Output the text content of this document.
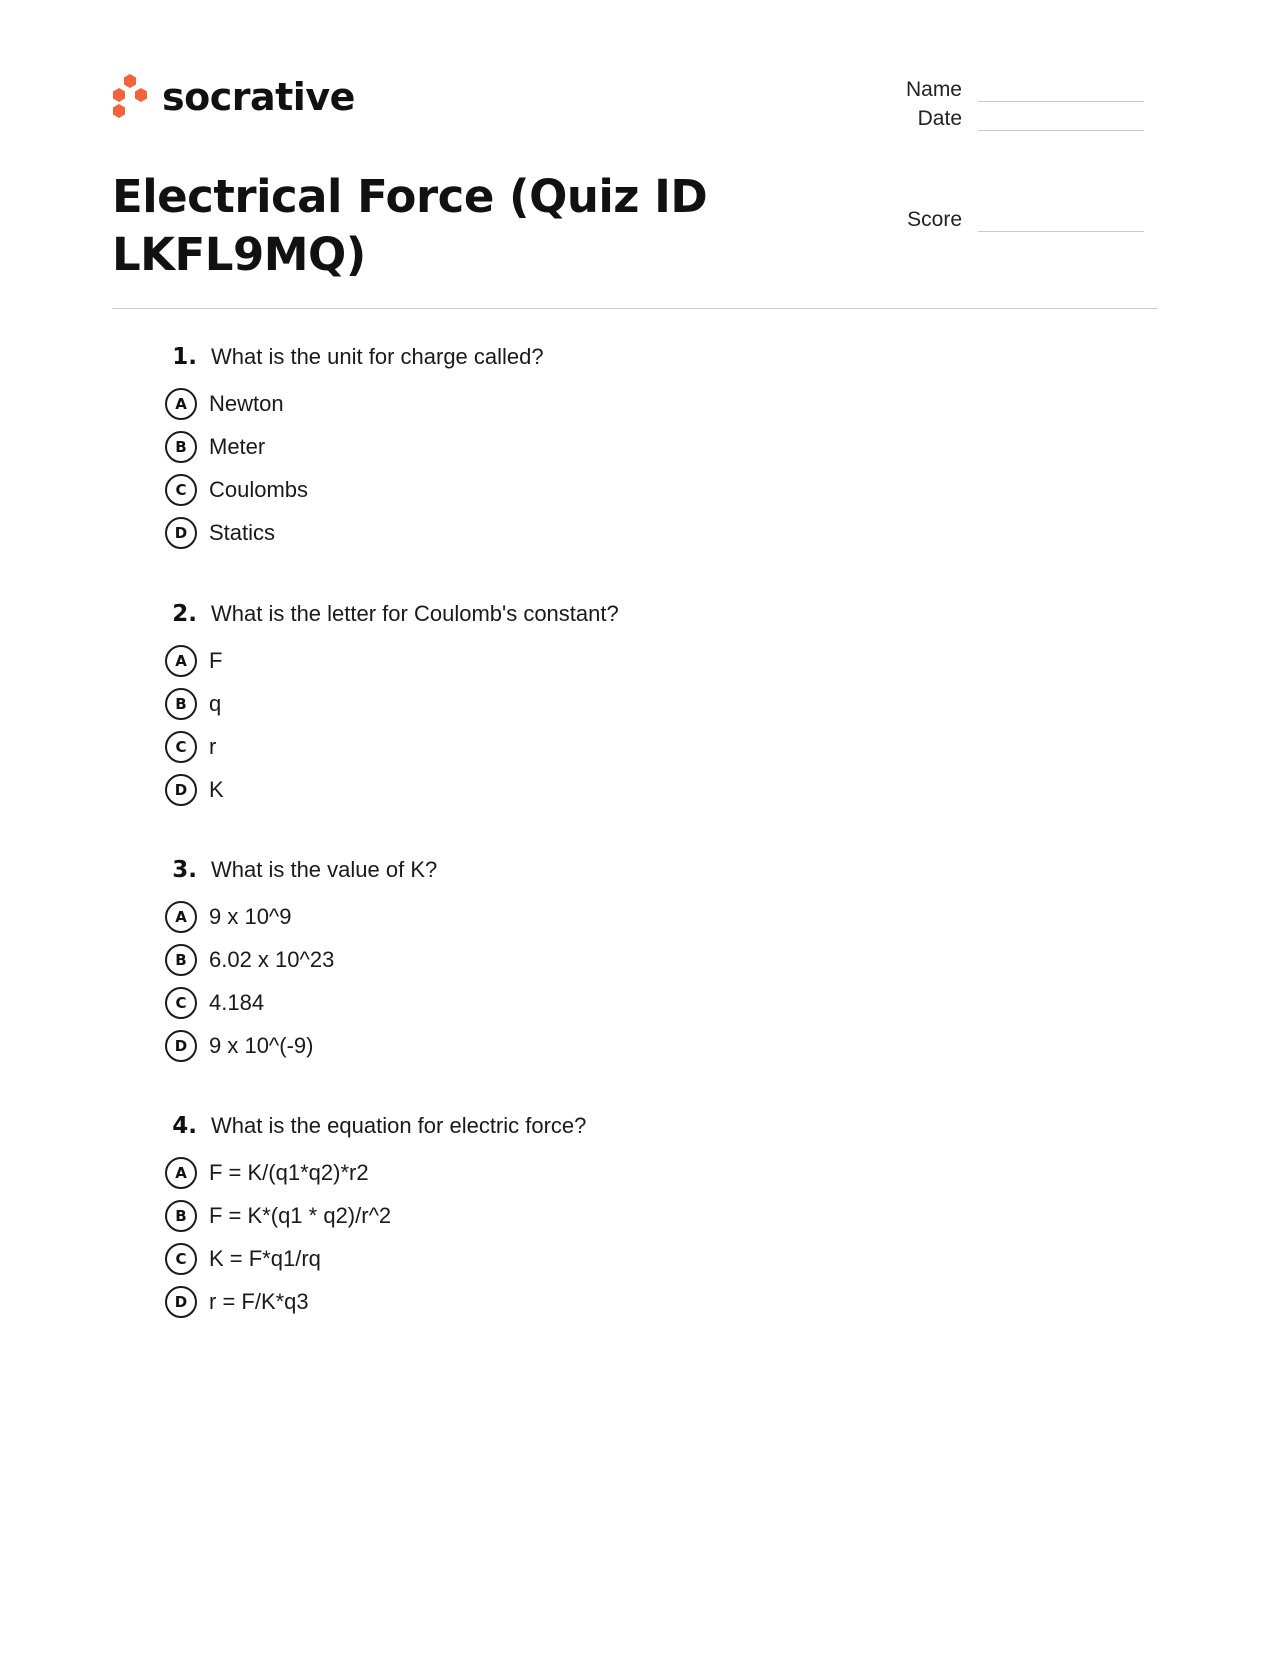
socrative
Electrical Force (Quiz ID LKFL9MQ)
Name
Date
Score
1. What is the unit for charge called?
A	Newton
B	Meter
C	Coulombs
D Statics
2. What is the letter for Coulomb's constant?
A	F
B	q
C	r
D K
3. What is the value of K?
A	9 x 10^9
B	6.02 x 10^23
C	4.184
D 9 x 10^(-9)
4. What is the equation for electric force?
A	F = K/(q1*q2)*r2
B	F = K*(q1 * q2)/r^2
C	K = F*q1/rq
D r = F/K*q3
